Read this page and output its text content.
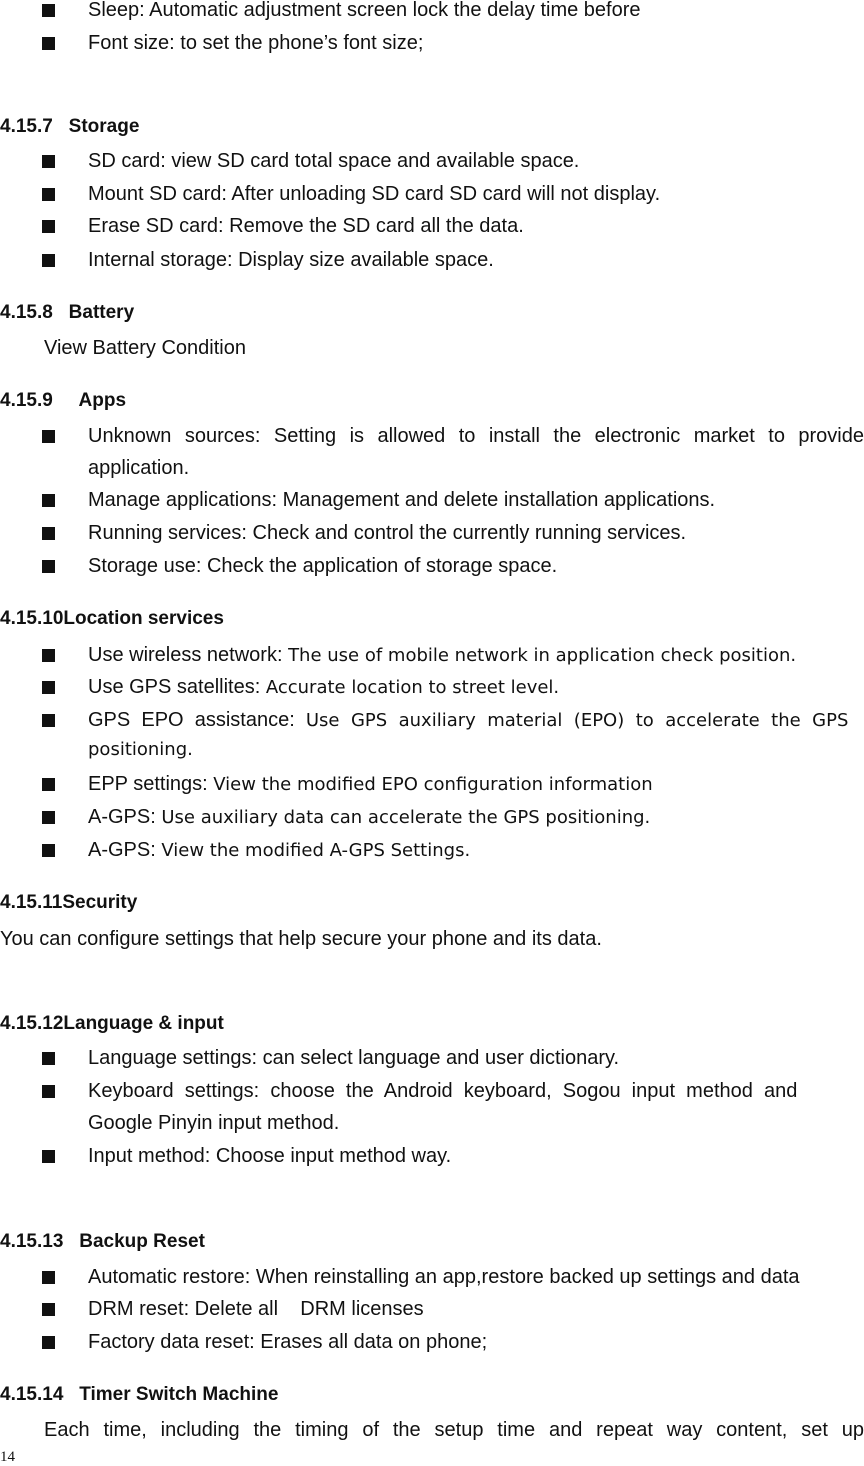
Sleep: Automatic adjustment screen lock the delay time before
Font size: to set the phone’s font size;
4.15.7 Storage
SD card: view SD card total space and available space.
Mount SD card: After unloading SD card SD card will not display.
Erase SD card: Remove the SD card all the data.
Internal storage: Display size available space.
4.15.8 Battery
View Battery Condition
4.15.9 Apps
Unknown sources: Setting is allowed to install the electronic market to provide
application.
Manage applications: Management and delete installation applications.
Running services: Check and control the currently running services.
Storage use: Check the application of storage space.
4.15.10Location services
Use wireless network: The use of mobile network in application check position.
Use GPS satellites: Accurate location to street level.
GPS  EPO  assistance:  Use  GPS  auxiliary  material  (EPO)  to  accelerate  the  GPS
positioning.
EPP settings: View the modified EPO configuration information
A-GPS: Use auxiliary data can accelerate the GPS positioning.
A-GPS: View the modified A-GPS Settings.
4.15.11Security
You can configure settings that help secure your phone and its data.
4.15.12Language & input
Language settings: can select language and user dictionary.
Keyboard  settings:  choose  the  Android  keyboard,  Sogou  input  method  and
Google Pinyin input method.
Input method: Choose input method way.
4.15.13 Backup Reset
Automatic restore: When reinstalling an app,restore backed up settings and data
DRM reset: Delete all    DRM licenses
Factory data reset: Erases all data on phone;
4.15.14 Timer Switch Machine
Each  time,  including  the  timing  of  the  setup  time  and  repeat  way  content,  set  up
14
